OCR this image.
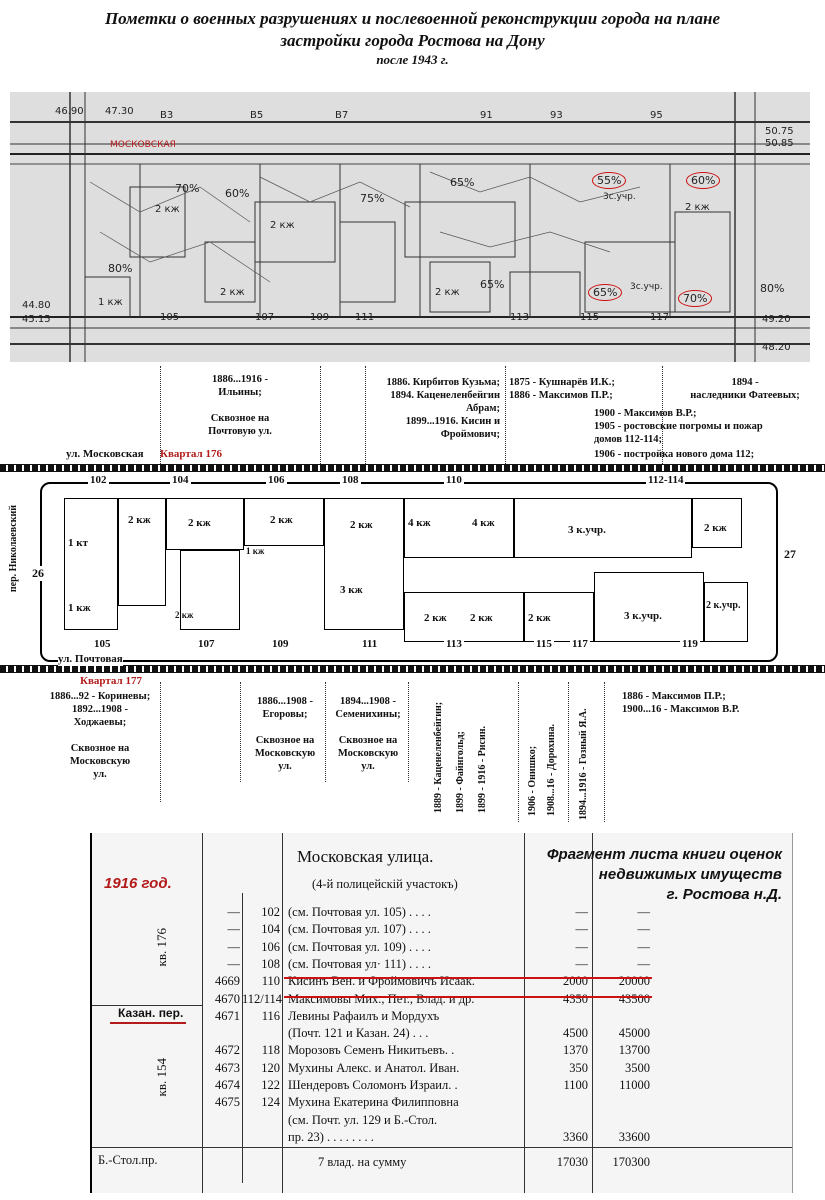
Пометки о военных разрушениях и послевоенной реконструкции города на плане
застройки города Ростова на Дону
после 1943 г.
46.90 47.30	B3	B5	B7	91	93	95
50.75
50.85
МОСКОВСКАЯ
70% 60%	75%
65%
80%
65%	80%
55%	60%
65%	70%
2 кж
2 кж
1 кж
2 кж	2 кж
2 кж
3с.учр.
3с.учр.
105	107	109	111	113	115	117
44.80
45.15
48.20
49.20
1886...1916 -
Ильины;

Сквозное на
Почтовую ул.
1886. Кирбитов Кузьма;
1894. Каценеленбейгин
Абрам;
1899...1916. Кисин и
Фроймович;
1875 - Кушнарёв И.К.;
1886 - Максимов П.Р.;
1894 -
наследники Фатеевых;
1900 - Максимов В.Р.;
1905 - ростовские погромы и пожар
домов 112-114;
1906 - постройка нового дома 112;
ул. Московская Квартал 176
1 кт
2 кж	2 кж	2 кж	2 кж	4 кж	4 кж
3 к.учр.	2 кж
1 кж
1 кж
3 кж
2 кж	2 кж 2 кж	2 кж	3 к.учр.
2 к.учр.
102	104	106	108	110	112-114
105	107	109	111	113	115 117	119
26
27
пер. Николаевский
ул. Почтовая
Квартал 177
1886...92 - Кориневы;
1892...1908 -
Ходжаевы;

Сквозное на
Московскую
ул.
1886...1908 -
Егоровы;

Сквозное на
Московскую
ул.
1894...1908 -
Семенихины;

Сквозное на
Московскую
ул.	1889 - Каценеленбейгин; 1899 - Файнгольд; 1899 - 1916 - Рисин.	1906 - Онишко; 1908...16 - Дорохина. 1894...1916 - Гозный Я.А.
1886 - Максимов П.Р.;
1900...16 - Максимов В.Р.
Московская улица.
(4-й полицейскiй участокъ)
Фрагмент листа книги оценок
недвижимых имуществ
г. Ростова н.Д.
1916 год.
кв. 176
кв. 154
Казан. пер.
Б.-Стол.пр.
—	102 (см. Почтовая ул. 105) . . . .	—	—
—	104 (см. Почтовая ул. 107) . . . .	—	—
—	106 (см. Почтовая ул. 109) . . . .	—	—
—	108 (см. Почтовая ул· 111) . . . .	—	—
4669	110 Кисинъ Вен. и Фроймовичъ Исаак.	2000	20000
4670 112/114 Максимовы Мих., Пет., Влад. и др.	4350	43500
4671	116 Левины Рафаилъ и Мордухъ
(Почт. 121 и Казан. 24) . . .	4500	45000
4672	118 Морозовъ Семенъ Никитьевъ. .	1370	13700
4673	120 Мухины Алекс. и Анатол. Иван.	350	3500
4674	122 Шендеровъ Соломонъ Израил. .	1100	11000
4675	124 Мухина Екатерина Филипповна
(см. Почт. ул. 129 и Б.-Стол.
пр. 23) . . . . . . . .	3360	33600
7 влад. на сумму	17030	170300
